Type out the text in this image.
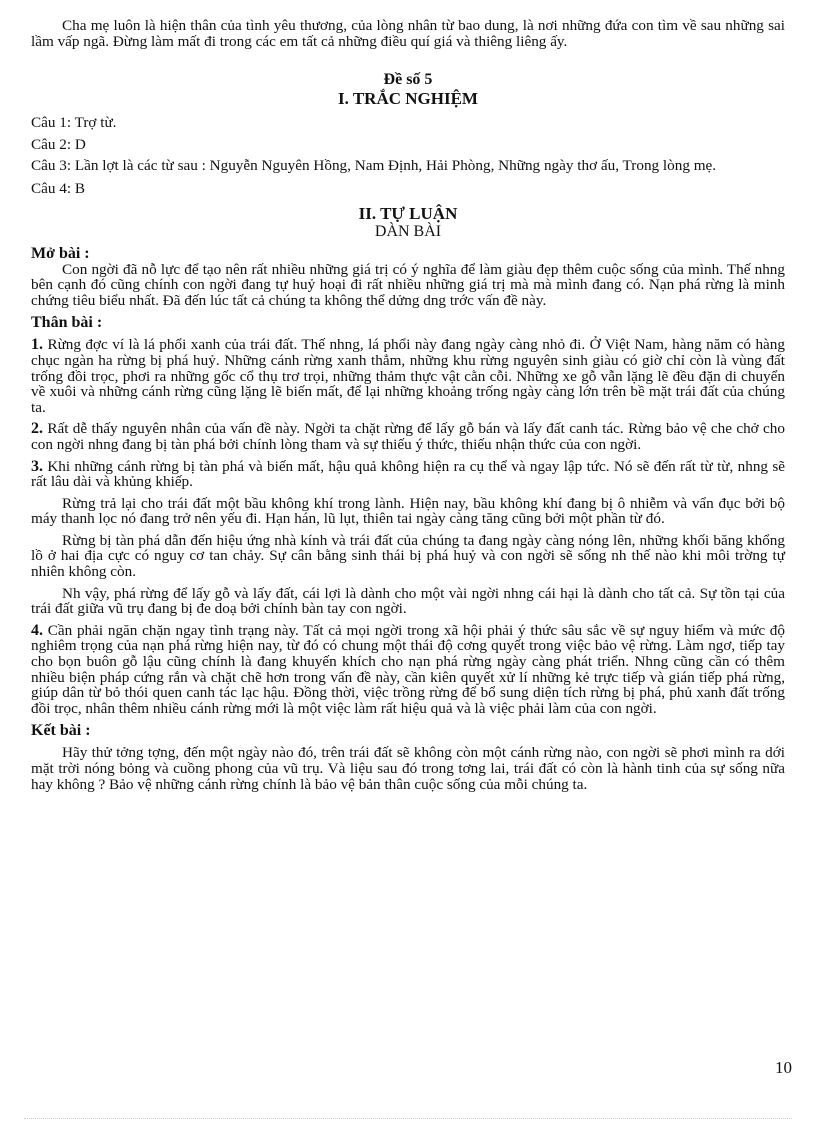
Cha mẹ luôn là hiện thân của tình yêu thương, của lòng nhân từ bao dung, là nơi những đứa con tìm về sau những sai lầm vấp ngã. Đừng làm mất đi trong các em tất cả những điều quí giá và thiêng liêng ấy.

Đề số 5

I. TRẮC NGHIỆM

Câu 1: Trợ từ.

Câu 2: D

Câu 3: Lần lợt là các từ sau : Nguyễn Nguyên Hồng, Nam Định, Hải Phòng, Những ngày thơ ấu, Trong lòng mẹ.

Câu 4: B

II. TỰ LUẬN

DÀN BÀI

Mở bài :

Con ngời đã nỗ lực để tạo nên rất nhiều những giá trị có ý nghĩa để làm giàu đẹp thêm cuộc sống của mình. Thế nhng bên cạnh đó cũng chính con ngời đang tự huỷ hoại đi rất nhiều những giá trị mà mà mình đang có. Nạn phá rừng là minh chứng tiêu biểu nhất. Đã đến lúc tất cả chúng ta không thể dửng dng trớc vấn đề này.

Thân bài :

1. Rừng đợc ví là lá phổi xanh của trái đất. Thế nhng, lá phổi này đang ngày càng nhỏ đi. Ở Việt Nam, hàng năm có hàng chục ngàn ha rừng bị phá huỷ. Những cánh rừng xanh thẳm, những khu rừng nguyên sinh giàu có giờ chỉ còn là vùng đất trống đồi trọc, phơi ra những gốc cổ thụ trơ trọi, những thảm thực vật cằn cỗi. Những xe gỗ vẫn lặng lẽ đều đặn di chuyển về xuôi và những cánh rừng cũng lặng lẽ biến mất, để lại những khoảng trống ngày càng lớn trên bề mặt trái đất của chúng ta.

2. Rất dễ thấy nguyên nhân của vấn đề này. Ngời ta chặt rừng để lấy gỗ bán và lấy đất canh tác. Rừng bảo vệ che chở cho con ngời nhng đang bị tàn phá bởi chính lòng tham và sự thiếu ý thức, thiếu nhận thức của con ngời.

3. Khi những cánh rừng bị tàn phá và biến mất, hậu quả không hiện ra cụ thể và ngay lập tức. Nó sẽ đến rất từ từ, nhng sẽ rất lâu dài và khủng khiếp.

Rừng trả lại cho trái đất một bầu không khí trong lành. Hiện nay, bầu không khí đang bị ô nhiễm và vẩn đục bởi bộ máy thanh lọc nó đang trở nên yếu đi. Hạn hán, lũ lụt, thiên tai ngày càng tăng cũng bởi một phần từ đó.

Rừng bị tàn phá dẫn đến hiệu ứng nhà kính và trái đất của chúng ta đang ngày càng nóng lên, những khối băng khổng lồ ở hai địa cực có nguy cơ tan chảy. Sự cân bằng sinh thái bị phá huỷ và con ngời sẽ sống nh thế nào khi môi trờng tự nhiên không còn.

Nh vậy, phá rừng để lấy gỗ và lấy đất, cái lợi là dành cho một vài ngời nhng cái hại là dành cho tất cả. Sự tồn tại của trái đất giữa vũ trụ đang bị đe doạ bởi chính bàn tay con ngời.

4. Cần phải ngăn chặn ngay tình trạng này. Tất cả mọi ngời trong xã hội phải ý thức sâu sắc về sự nguy hiểm và mức độ nghiêm trọng của nạn phá rừng hiện nay, từ đó có chung một thái độ cơng quyết trong việc bảo vệ rừng. Làm ngơ, tiếp tay cho bọn buôn gỗ lậu cũng chính là đang khuyến khích cho nạn phá rừng ngày càng phát triển. Nhng cũng cần có thêm nhiều biện pháp cứng rắn và chặt chẽ hơn trong vấn đề này, cần kiên quyết xử lí những kẻ trực tiếp và gián tiếp phá rừng, giúp dân từ bỏ thói quen canh tác lạc hậu. Đồng thời, việc trồng rừng để bổ sung diện tích rừng bị phá, phủ xanh đất trống đồi trọc, nhân thêm nhiều cánh rừng mới là một việc làm rất hiệu quả và là việc phải làm của con ngời.

Kết bài :

Hãy thử tởng tợng, đến một ngày nào đó, trên trái đất sẽ không còn một cánh rừng nào, con ngời sẽ phơi mình ra dới mặt trời nóng bỏng và cuồng phong của vũ trụ. Và liệu sau đó trong tơng lai, trái đất có còn là hành tinh của sự sống nữa hay không ? Bảo vệ những cánh rừng chính là bảo vệ bản thân cuộc sống của mỗi chúng ta.

10
